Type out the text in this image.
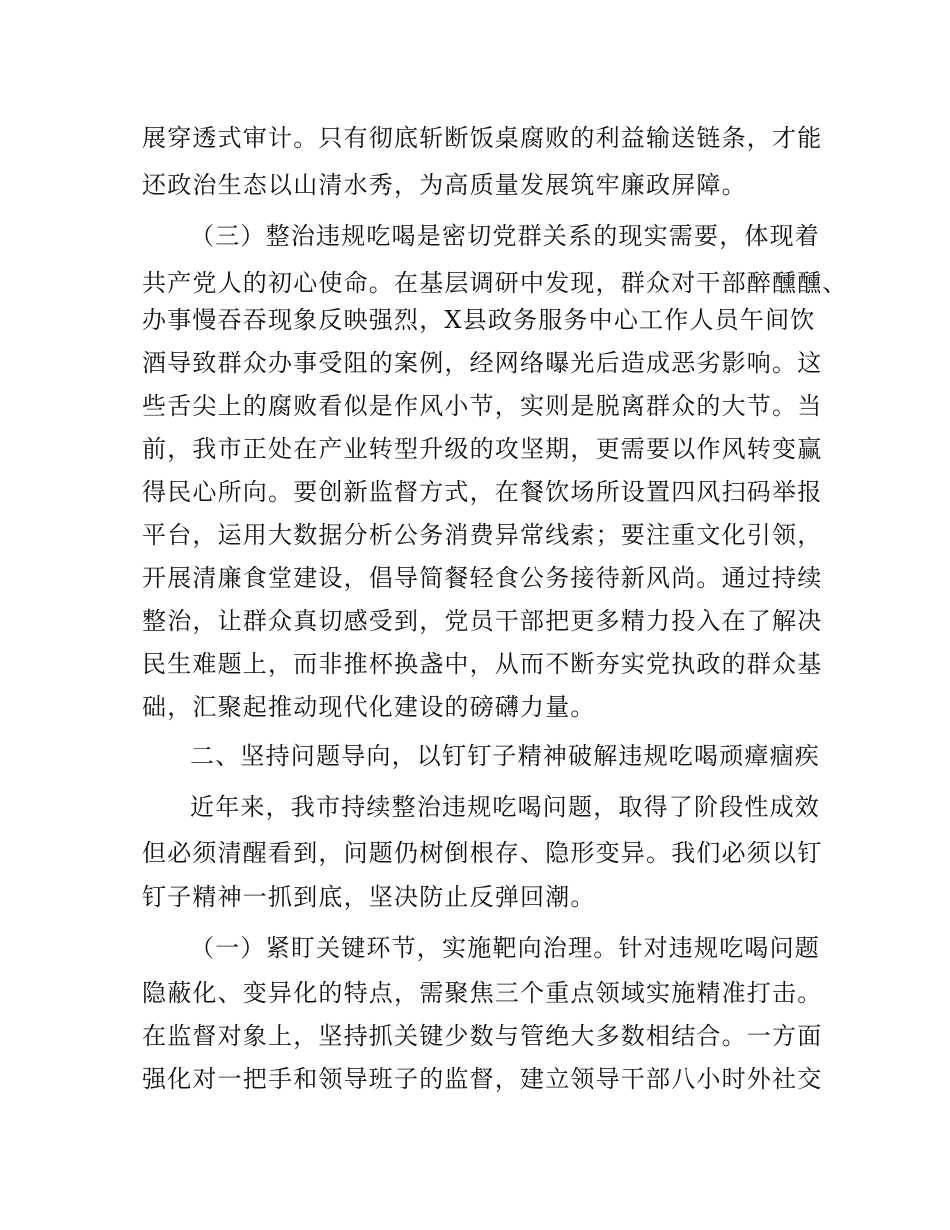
展穿透式审计。只有彻底斩断饭桌腐败的利益输送链条，才能
还政治生态以山清水秀，为高质量发展筑牢廉政屏障。
（三）整治违规吃喝是密切党群关系的现实需要，体现着
共产党人的初心使命。在基层调研中发现，群众对干部醉醺醺、
办事慢吞吞现象反映强烈，X县政务服务中心工作人员午间饮
酒导致群众办事受阻的案例，经网络曝光后造成恶劣影响。这
些舌尖上的腐败看似是作风小节，实则是脱离群众的大节。当
前，我市正处在产业转型升级的攻坚期，更需要以作风转变赢
得民心所向。要创新监督方式，在餐饮场所设置四风扫码举报
平台，运用大数据分析公务消费异常线索；要注重文化引领，
开展清廉食堂建设，倡导简餐轻食公务接待新风尚。通过持续
整治，让群众真切感受到，党员干部把更多精力投入在了解决
民生难题上，而非推杯换盏中，从而不断夯实党执政的群众基
础，汇聚起推动现代化建设的磅礴力量。
二、坚持问题导向，以钉钉子精神破解违规吃喝顽瘴痼疾
近年来，我市持续整治违规吃喝问题，取得了阶段性成效
但必须清醒看到，问题仍树倒根存、隐形变异。我们必须以钉
钉子精神一抓到底，坚决防止反弹回潮。
（一）紧盯关键环节，实施靶向治理。针对违规吃喝问题
隐蔽化、变异化的特点，需聚焦三个重点领域实施精准打击。
在监督对象上，坚持抓关键少数与管绝大多数相结合。一方面
强化对一把手和领导班子的监督，建立领导干部八小时外社交
